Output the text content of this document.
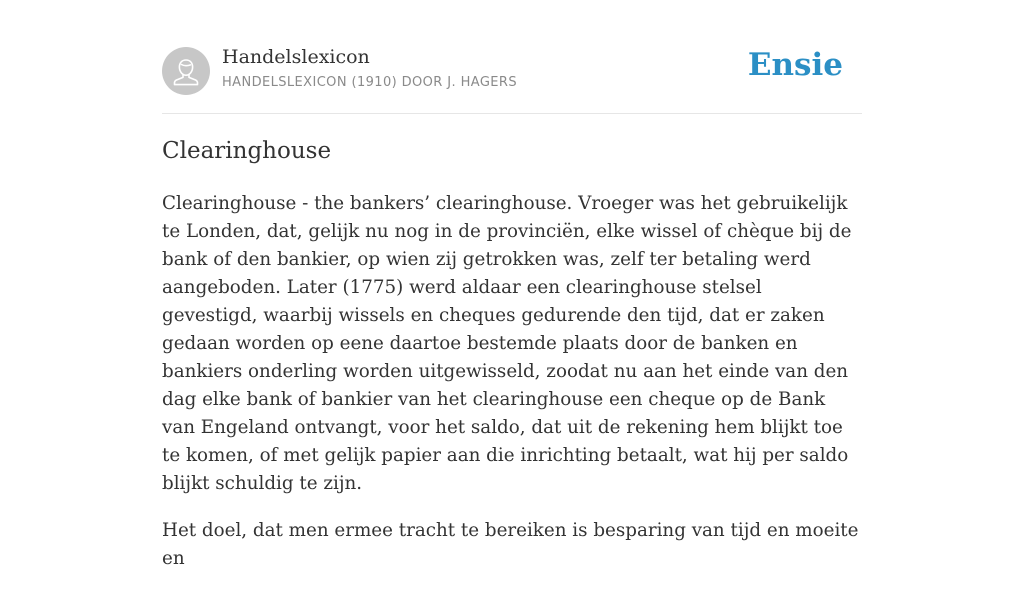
Handelslexicon
HANDELSLEXICON (1910) DOOR J. HAGERS	Ensie
Clearinghouse

Clearinghouse - the bankers’ clearinghouse. Vroeger was het gebruikelijk te Londen, dat, gelijk nu nog in de provinciën, elke wissel of chèque bij de bank of den bankier, op wien zij getrokken was, zelf ter betaling werd aangeboden. Later (1775) werd aldaar een clearinghouse stelsel gevestigd, waarbij wissels en cheques gedurende den tijd, dat er zaken gedaan worden op eene daartoe bestemde plaats door de banken en bankiers onderling worden uitgewisseld, zoodat nu aan het einde van den dag elke bank of bankier van het clearinghouse een cheque op de Bank van Engeland ontvangt, voor het saldo, dat uit de rekening hem blijkt toe te komen, of met gelijk papier aan die inrichting betaalt, wat hij per saldo blijkt schuldig te zijn.

Het doel, dat men ermee tracht te bereiken is besparing van tijd en moeite en
